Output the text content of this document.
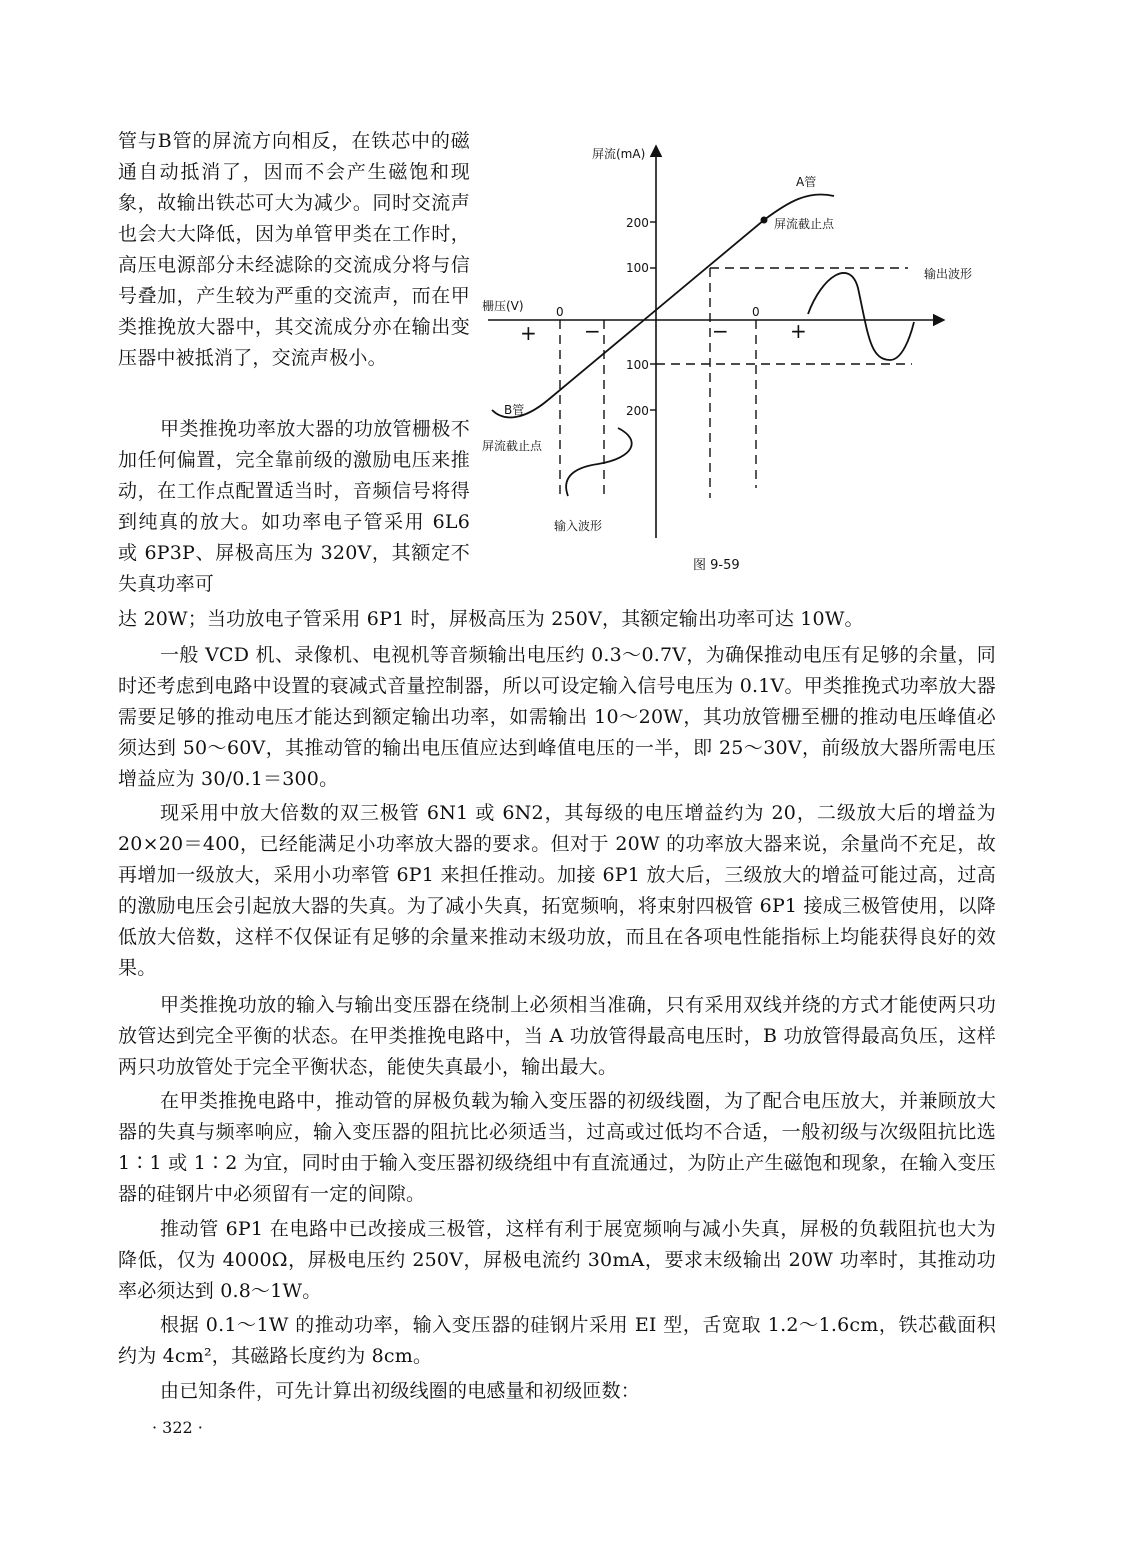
管与B管的屏流方向相反，在铁芯中的磁通自动抵消了，因而不会产生磁饱和现象，故输出铁芯可大为减少。同时交流声也会大大降低，因为单管甲类在工作时，高压电源部分未经滤除的交流成分将与信号叠加，产生较为严重的交流声，而在甲类推挽放大器中，其交流成分亦在输出变压器中被抵消了，交流声极小。

甲类推挽功率放大器的功放管栅极不加任何偏置，完全靠前级的激励电压来推动，在工作点配置适当时，音频信号将得到纯真的放大。如功率电子管采用 6L6 或 6P3P、屏极高压为 320V，其额定不失真功率可

屏流(mA)
栅压(V)
200
100
100
200
A管
屏流截止点
B管
屏流截止点
0	0
+ −	−	+
输出波形
输入波形
图 9-59

达 20W；当功放电子管采用 6P1 时，屏极高压为 250V，其额定输出功率可达 10W。

一般 VCD 机、录像机、电视机等音频输出电压约 0.3～0.7V，为确保推动电压有足够的余量，同时还考虑到电路中设置的衰减式音量控制器，所以可设定输入信号电压为 0.1V。甲类推挽式功率放大器需要足够的推动电压才能达到额定输出功率，如需输出 10～20W，其功放管栅至栅的推动电压峰值必须达到 50～60V，其推动管的输出电压值应达到峰值电压的一半，即 25～30V，前级放大器所需电压增益应为 30/0.1＝300。

现采用中放大倍数的双三极管 6N1 或 6N2，其每级的电压增益约为 20，二级放大后的增益为 20×20＝400，已经能满足小功率放大器的要求。但对于 20W 的功率放大器来说，余量尚不充足，故再增加一级放大，采用小功率管 6P1 来担任推动。加接 6P1 放大后，三级放大的增益可能过高，过高的激励电压会引起放大器的失真。为了减小失真，拓宽频响，将束射四极管 6P1 接成三极管使用，以降低放大倍数，这样不仅保证有足够的余量来推动末级功放，而且在各项电性能指标上均能获得良好的效果。

甲类推挽功放的输入与输出变压器在绕制上必须相当准确，只有采用双线并绕的方式才能使两只功放管达到完全平衡的状态。在甲类推挽电路中，当 A 功放管得最高电压时，B 功放管得最高负压，这样两只功放管处于完全平衡状态，能使失真最小，输出最大。

在甲类推挽电路中，推动管的屏极负载为输入变压器的初级线圈，为了配合电压放大，并兼顾放大器的失真与频率响应，输入变压器的阻抗比必须适当，过高或过低均不合适，一般初级与次级阻抗比选 1∶1 或 1∶2 为宜，同时由于输入变压器初级绕组中有直流通过，为防止产生磁饱和现象，在输入变压器的硅钢片中必须留有一定的间隙。

推动管 6P1 在电路中已改接成三极管，这样有利于展宽频响与减小失真，屏极的负载阻抗也大为降低，仅为 4000Ω，屏极电压约 250V，屏极电流约 30mA，要求末级输出 20W 功率时，其推动功率必须达到 0.8～1W。

根据 0.1～1W 的推动功率，输入变压器的硅钢片采用 EI 型，舌宽取 1.2～1.6cm，铁芯截面积约为 4cm²，其磁路长度约为 8cm。

由已知条件，可先计算出初级线圈的电感量和初级匝数：

· 322 ·
